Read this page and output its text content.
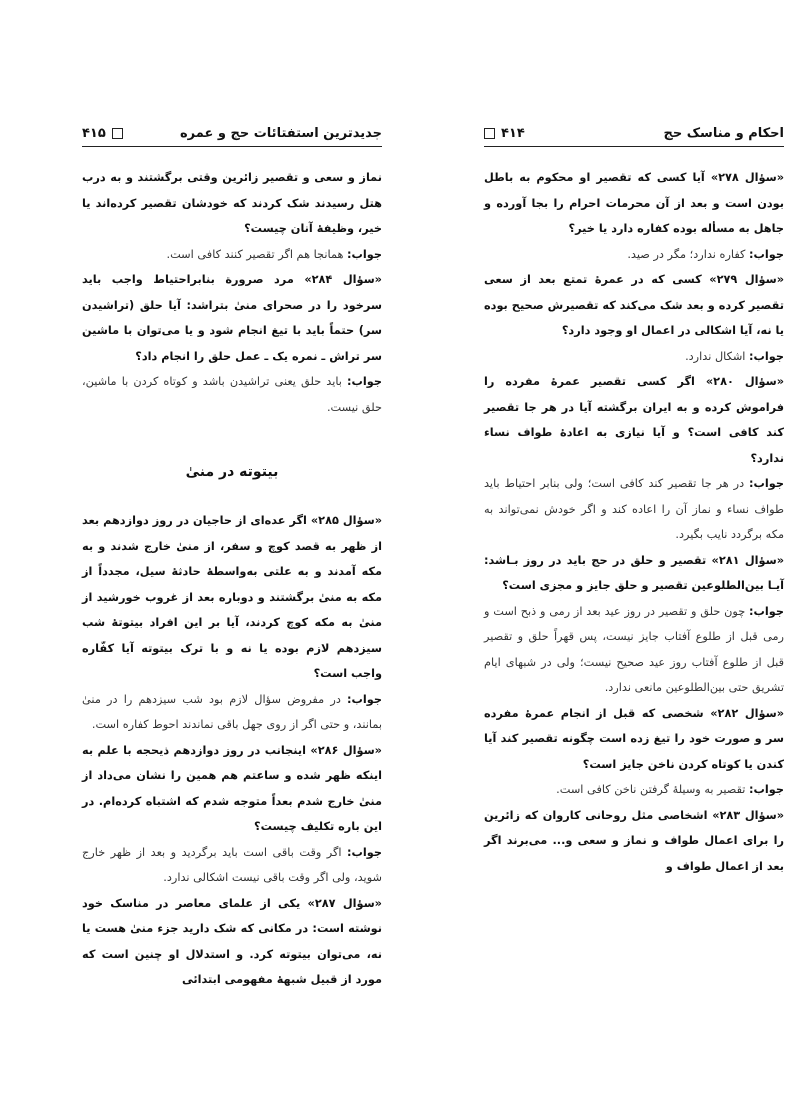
جدیدترین استفتائات حج و عمره
۴۱۵

نماز و سعی و تقصیر زائرین وقتی برگشتند و به درب هتل رسیدند شک کردند که خودشان تقصیر کرده‌اند یا خیر، وظیفهٔ آنان چیست؟

جواب: همانجا هم اگر تقصیر کنند کافی است.

«سؤال ۲۸۴» مرد صرورة بنابراحتیاط واجب باید سرخود را در صحرای منیٰ بتراشد: آیا حلق (تراشیدن سر) حتماً باید با تیغ انجام شود و یا می‌توان با ماشین سر تراش ـ نمره یک ـ عمل حلق را انجام داد؟

جواب: باید حلق یعنی تراشیدن باشد و کوتاه کردن با ماشین، حلق نیست.

بیتوته در منیٰ

«سؤال ۲۸۵» اگر عده‌ای از حاجیان در روز دوازدهم بعد از ظهر به قصد کوچ و سفر، از منیٰ خارج شدند و به مکه آمدند و به علتی به‌واسطهٔ حادثهٔ سیل، مجدداً از مکه به منیٰ برگشتند و دوباره بعد از غروب خورشید از منیٰ به مکه کوچ کردند، آیا بر این افراد بیتوتهٔ شب سیزدهم لازم بوده یا نه و با ترک بیتوته آیا کفّاره واجب است؟

جواب: در مفروض سؤال لازم بود شب سیزدهم را در منیٰ بمانند، و حتی اگر از روی جهل باقی نماندند احوط کفاره است.

«سؤال ۲۸۶» اینجانب در روز دوازدهم ذیحجه با علم به اینکه ظهر شده و ساعتم هم همین را نشان می‌داد از منیٰ خارج شدم بعداً متوجه شدم که اشتباه کرده‌ام. در این باره تکلیف چیست؟

جواب: اگر وقت باقی است باید برگردید و بعد از ظهر خارج شوید، ولی اگر وقت باقی نیست اشکالی ندارد.

«سؤال ۲۸۷» یکی از علمای معاصر در مناسک خود نوشته است: در مکانی که شک دارید جزء منیٰ هست یا نه، می‌توان بیتوته کرد. و استدلال او چنین است که مورد از قبیل شبههٔ مفهومی ابتدائی

احکام و مناسک حج
۴۱۴

«سؤال ۲۷۸» آیا کسی که تقصیر او محکوم به باطل بودن است و بعد از آن محرمات احرام را بجا آورده و جاهل به مسأله بوده کفاره دارد یا خیر؟

جواب: کفاره ندارد؛ مگر در صید.

«سؤال ۲۷۹» کسی که در عمرهٔ تمتع بعد از سعی تقصیر کرده و بعد شک می‌کند که تقصیرش صحیح بوده یا نه، آیا اشکالی در اعمال او وجود دارد؟

جواب: اشکال ندارد.

«سؤال ۲۸۰» اگر کسی تقصیر عمرهٔ مفرده را فراموش کرده و به ایران برگشته آیا در هر جا تقصیر کند کافی است؟ و آیا نیازی به اعادهٔ طواف نساء ندارد؟

جواب: در هر جا تقصیر کند کافی است؛ ولی بنابر احتیاط باید طواف نساء و نماز آن را اعاده کند و اگر خودش نمی‌تواند به مکه برگردد نایب بگیرد.

«سؤال ۲۸۱» تقصیر و حلق در حج باید در روز بـاشد: آیـا بین‌الطلوعین تقصیر و حلق جایز و مجزی است؟

جواب: چون حلق و تقصیر در روز عید بعد از رمی و ذبح است و رمی قبل از طلوع آفتاب جایز نیست، پس قهراً حلق و تقصیر قبل از طلوع آفتاب روز عید صحیح نیست؛ ولی در شبهای ایام تشریق حتی بین‌الطلوعین مانعی ندارد.

«سؤال ۲۸۲» شخصی که قبل از انجام عمرهٔ مفرده سر و صورت خود را تیغ زده است چگونه تقصیر کند آیا کندن یا کوتاه کردن ناخن جایز است؟

جواب: تقصیر به وسیلهٔ گرفتن ناخن کافی است.

«سؤال ۲۸۳» اشخاصی مثل روحانی کاروان که زائرین را برای اعمال طواف و نماز و سعی و... می‌برند اگر بعد از اعمال طواف و
